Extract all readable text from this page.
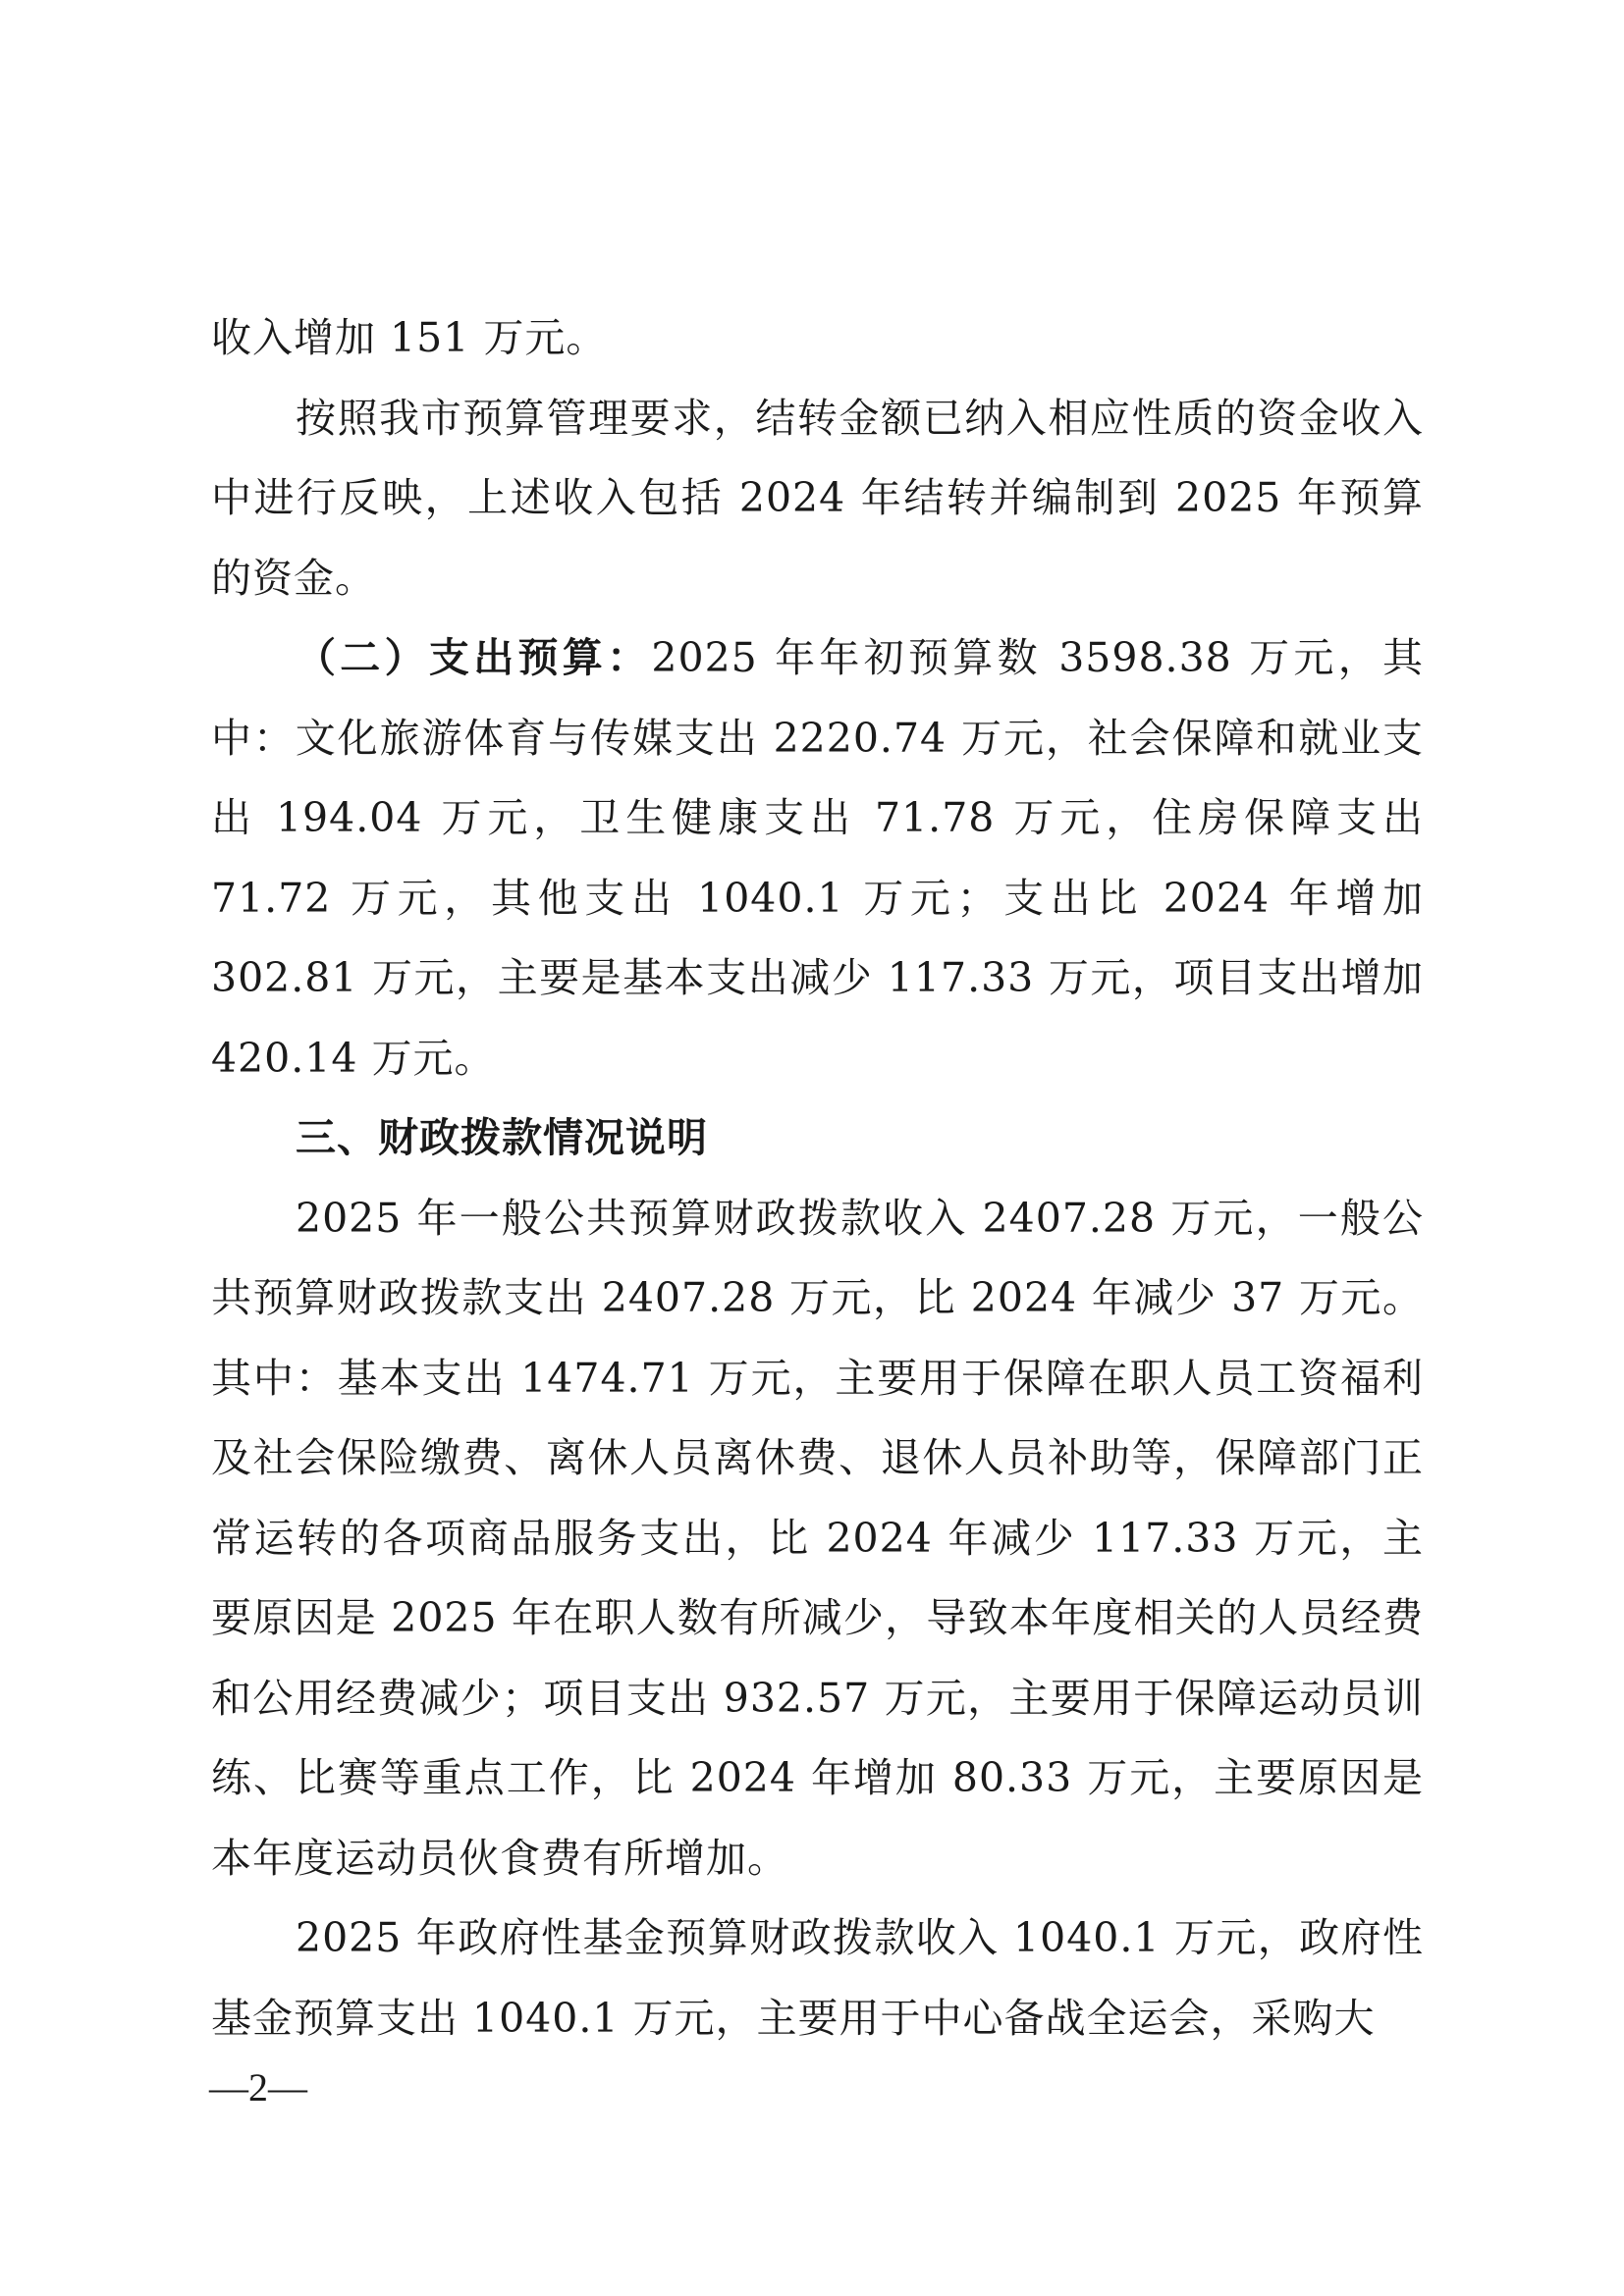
收入增加 151 万元。

按照我市预算管理要求，结转金额已纳入相应性质的资金收入中进行反映，上述收入包括 2024 年结转并编制到 2025 年预算的资金。

（二）支出预算：2025 年年初预算数 3598.38 万元，其中：文化旅游体育与传媒支出 2220.74 万元，社会保障和就业支出 194.04 万元，卫生健康支出 71.78 万元，住房保障支出 71.72 万元，其他支出 1040.1 万元；支出比 2024 年增加 302.81 万元，主要是基本支出减少 117.33 万元，项目支出增加 420.14 万元。

三、财政拨款情况说明

2025 年一般公共预算财政拨款收入 2407.28 万元，一般公共预算财政拨款支出 2407.28 万元，比 2024 年减少 37 万元。其中：基本支出 1474.71 万元，主要用于保障在职人员工资福利及社会保险缴费、离休人员离休费、退休人员补助等，保障部门正常运转的各项商品服务支出，比 2024 年减少 117.33 万元，主要原因是 2025 年在职人数有所减少，导致本年度相关的人员经费和公用经费减少；项目支出 932.57 万元，主要用于保障运动员训练、比赛等重点工作，比 2024 年增加 80.33 万元，主要原因是本年度运动员伙食费有所增加。

2025 年政府性基金预算财政拨款收入 1040.1 万元，政府性基金预算支出 1040.1 万元，主要用于中心备战全运会，采购大

—2—
